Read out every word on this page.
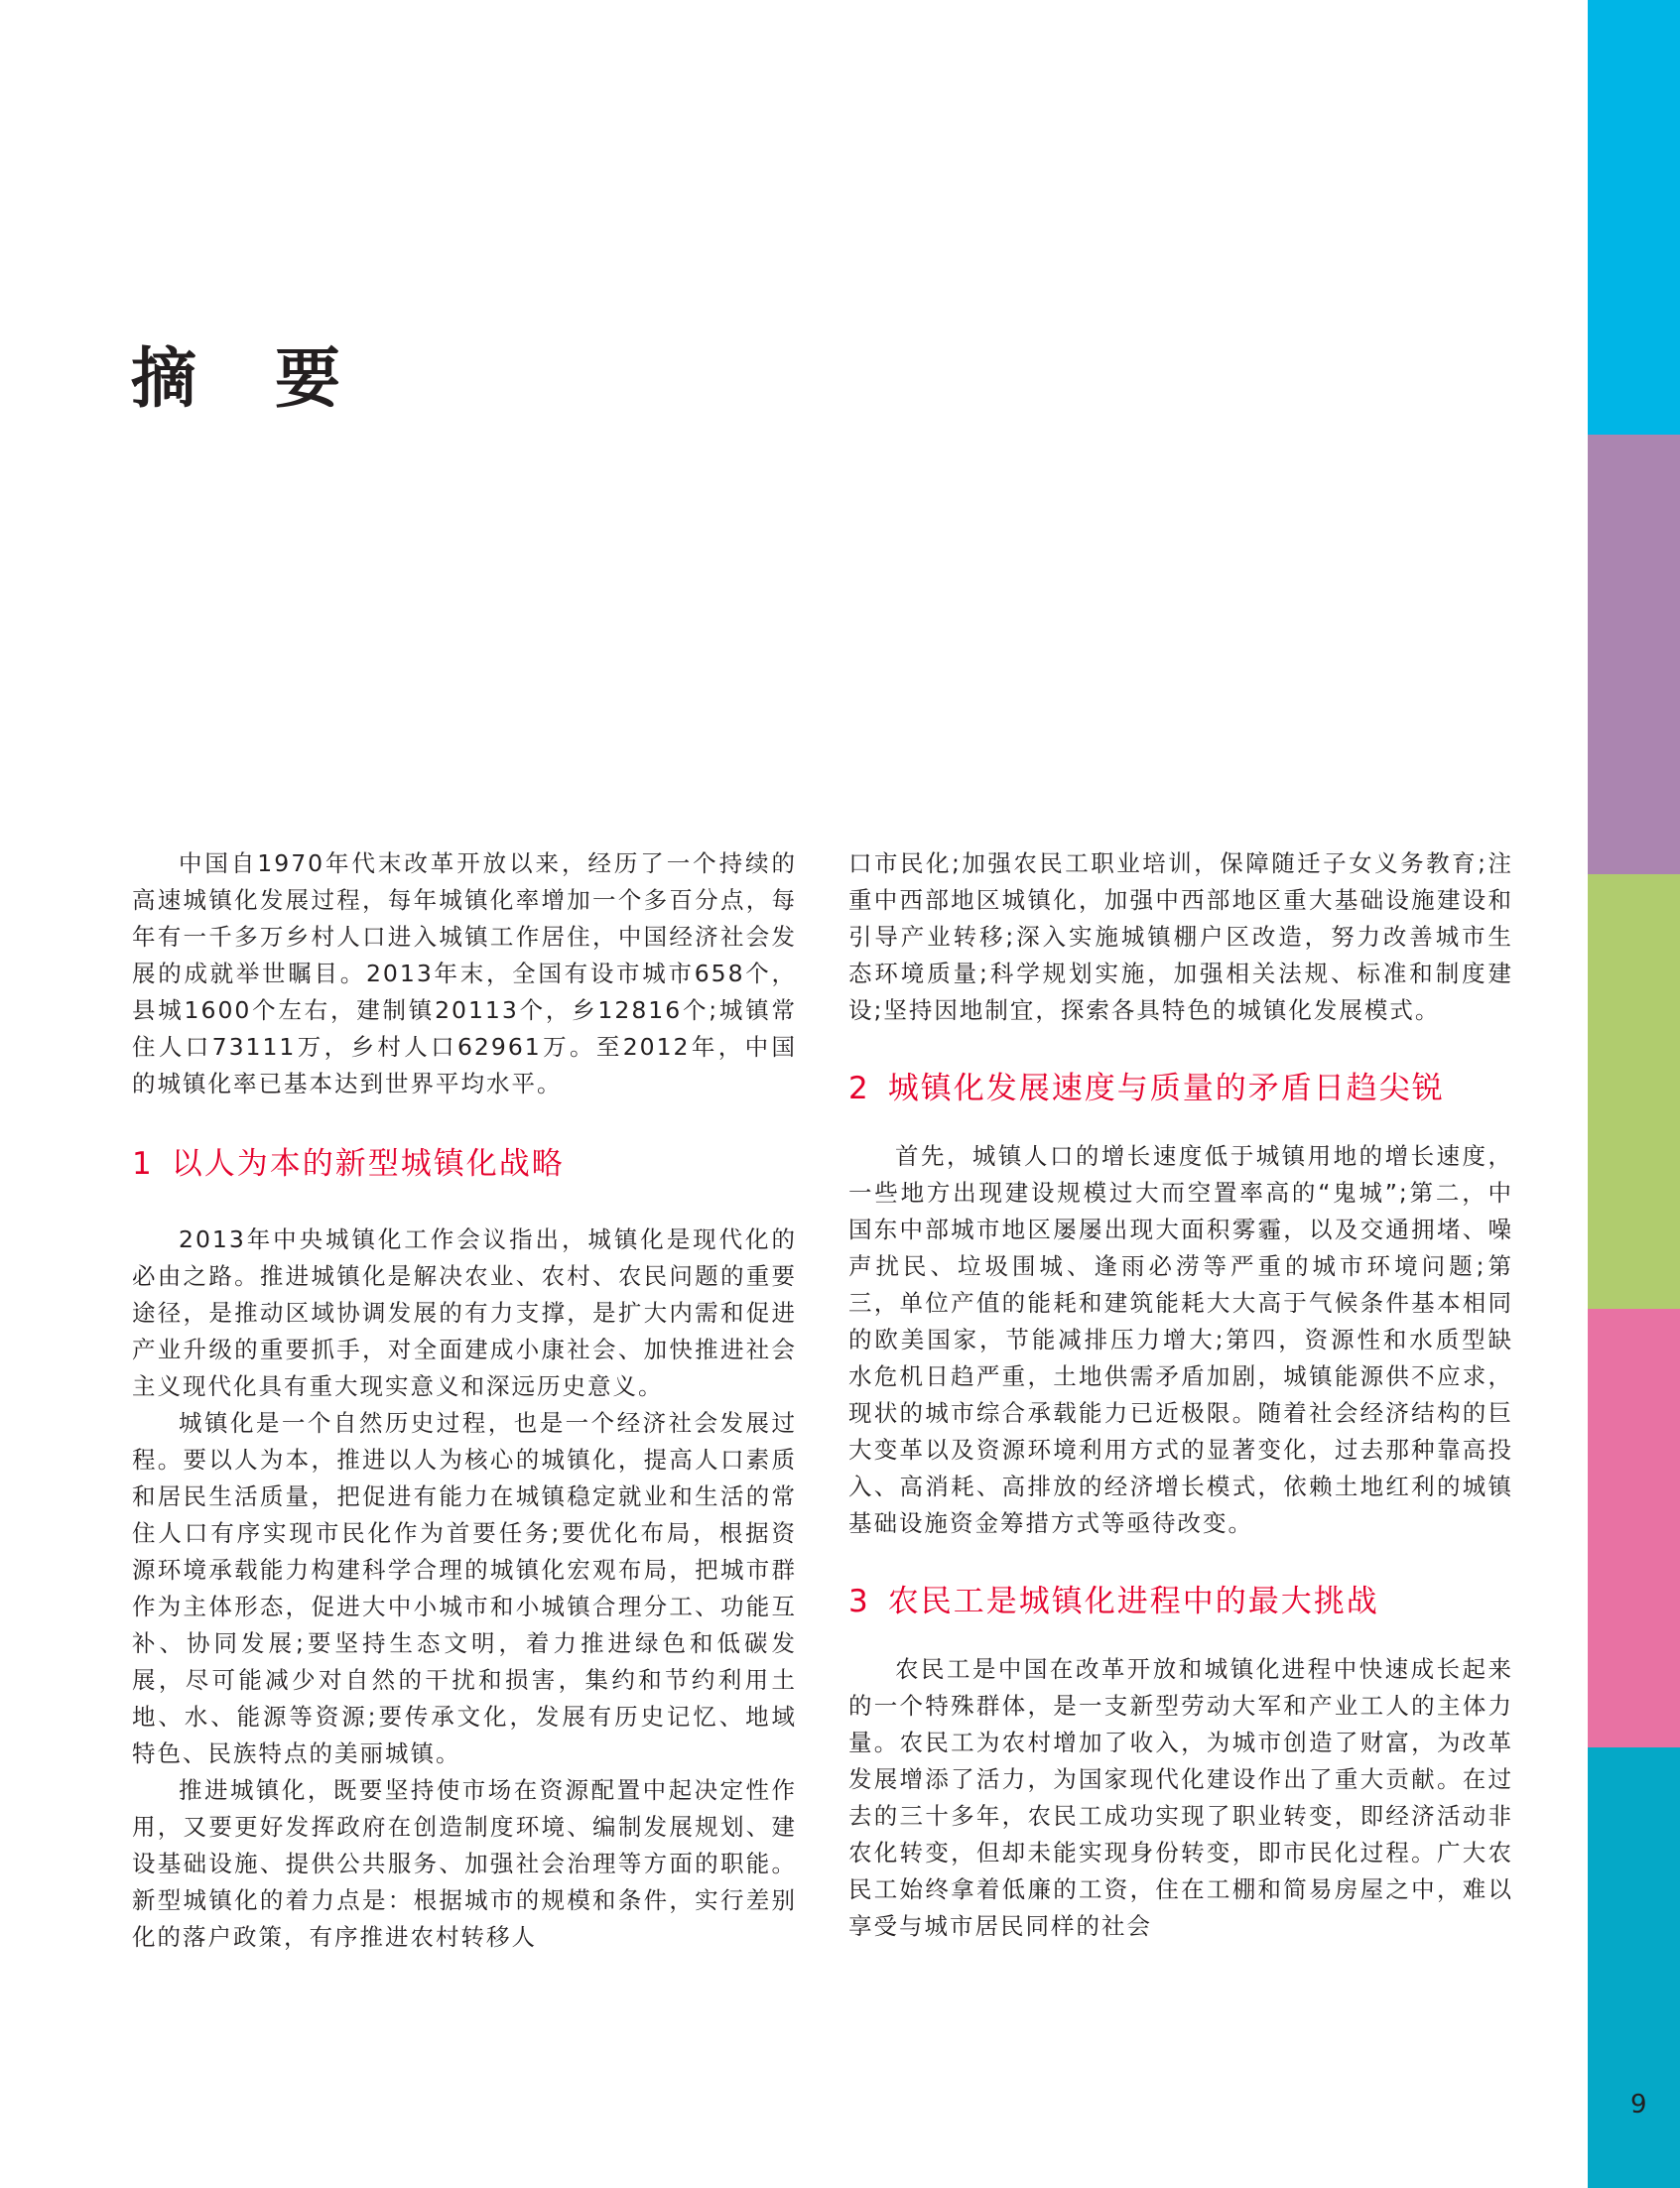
摘 要

中国自1970年代末改革开放以来，经历了一个持续的高速城镇化发展过程，每年城镇化率增加一个多百分点，每年有一千多万乡村人口进入城镇工作居住，中国经济社会发展的成就举世瞩目。2013年末，全国有设市城市658个，县城1600个左右，建制镇20113个，乡12816个;城镇常住人口73111万，乡村人口62961万。至2012年，中国的城镇化率已基本达到世界平均水平。

1 以人为本的新型城镇化战略

2013年中央城镇化工作会议指出，城镇化是现代化的必由之路。推进城镇化是解决农业、农村、农民问题的重要途径，是推动区域协调发展的有力支撑，是扩大内需和促进产业升级的重要抓手，对全面建成小康社会、加快推进社会主义现代化具有重大现实意义和深远历史意义。

城镇化是一个自然历史过程，也是一个经济社会发展过程。要以人为本，推进以人为核心的城镇化，提高人口素质和居民生活质量，把促进有能力在城镇稳定就业和生活的常住人口有序实现市民化作为首要任务;要优化布局，根据资源环境承载能力构建科学合理的城镇化宏观布局，把城市群作为主体形态，促进大中小城市和小城镇合理分工、功能互补、协同发展;要坚持生态文明，着力推进绿色和低碳发展，尽可能减少对自然的干扰和损害，集约和节约利用土地、水、能源等资源;要传承文化，发展有历史记忆、地域特色、民族特点的美丽城镇。

推进城镇化，既要坚持使市场在资源配置中起决定性作用，又要更好发挥政府在创造制度环境、编制发展规划、建设基础设施、提供公共服务、加强社会治理等方面的职能。新型城镇化的着力点是：根据城市的规模和条件，实行差别化的落户政策，有序推进农村转移人

口市民化;加强农民工职业培训，保障随迁子女义务教育;注重中西部地区城镇化，加强中西部地区重大基础设施建设和引导产业转移;深入实施城镇棚户区改造，努力改善城市生态环境质量;科学规划实施，加强相关法规、标准和制度建设;坚持因地制宜，探索各具特色的城镇化发展模式。

2 城镇化发展速度与质量的矛盾日趋尖锐

首先，城镇人口的增长速度低于城镇用地的增长速度，一些地方出现建设规模过大而空置率高的“鬼城”;第二，中国东中部城市地区屡屡出现大面积雾霾，以及交通拥堵、噪声扰民、垃圾围城、逢雨必涝等严重的城市环境问题;第三，单位产值的能耗和建筑能耗大大高于气候条件基本相同的欧美国家，节能减排压力增大;第四，资源性和水质型缺水危机日趋严重，土地供需矛盾加剧，城镇能源供不应求，现状的城市综合承载能力已近极限。随着社会经济结构的巨大变革以及资源环境利用方式的显著变化，过去那种靠高投入、高消耗、高排放的经济增长模式，依赖土地红利的城镇基础设施资金筹措方式等亟待改变。

3 农民工是城镇化进程中的最大挑战

农民工是中国在改革开放和城镇化进程中快速成长起来的一个特殊群体，是一支新型劳动大军和产业工人的主体力量。农民工为农村增加了收入，为城市创造了财富，为改革发展增添了活力，为国家现代化建设作出了重大贡献。在过去的三十多年，农民工成功实现了职业转变，即经济活动非农化转变，但却未能实现身份转变，即市民化过程。广大农民工始终拿着低廉的工资，住在工棚和简易房屋之中，难以享受与城市居民同样的社会

9
